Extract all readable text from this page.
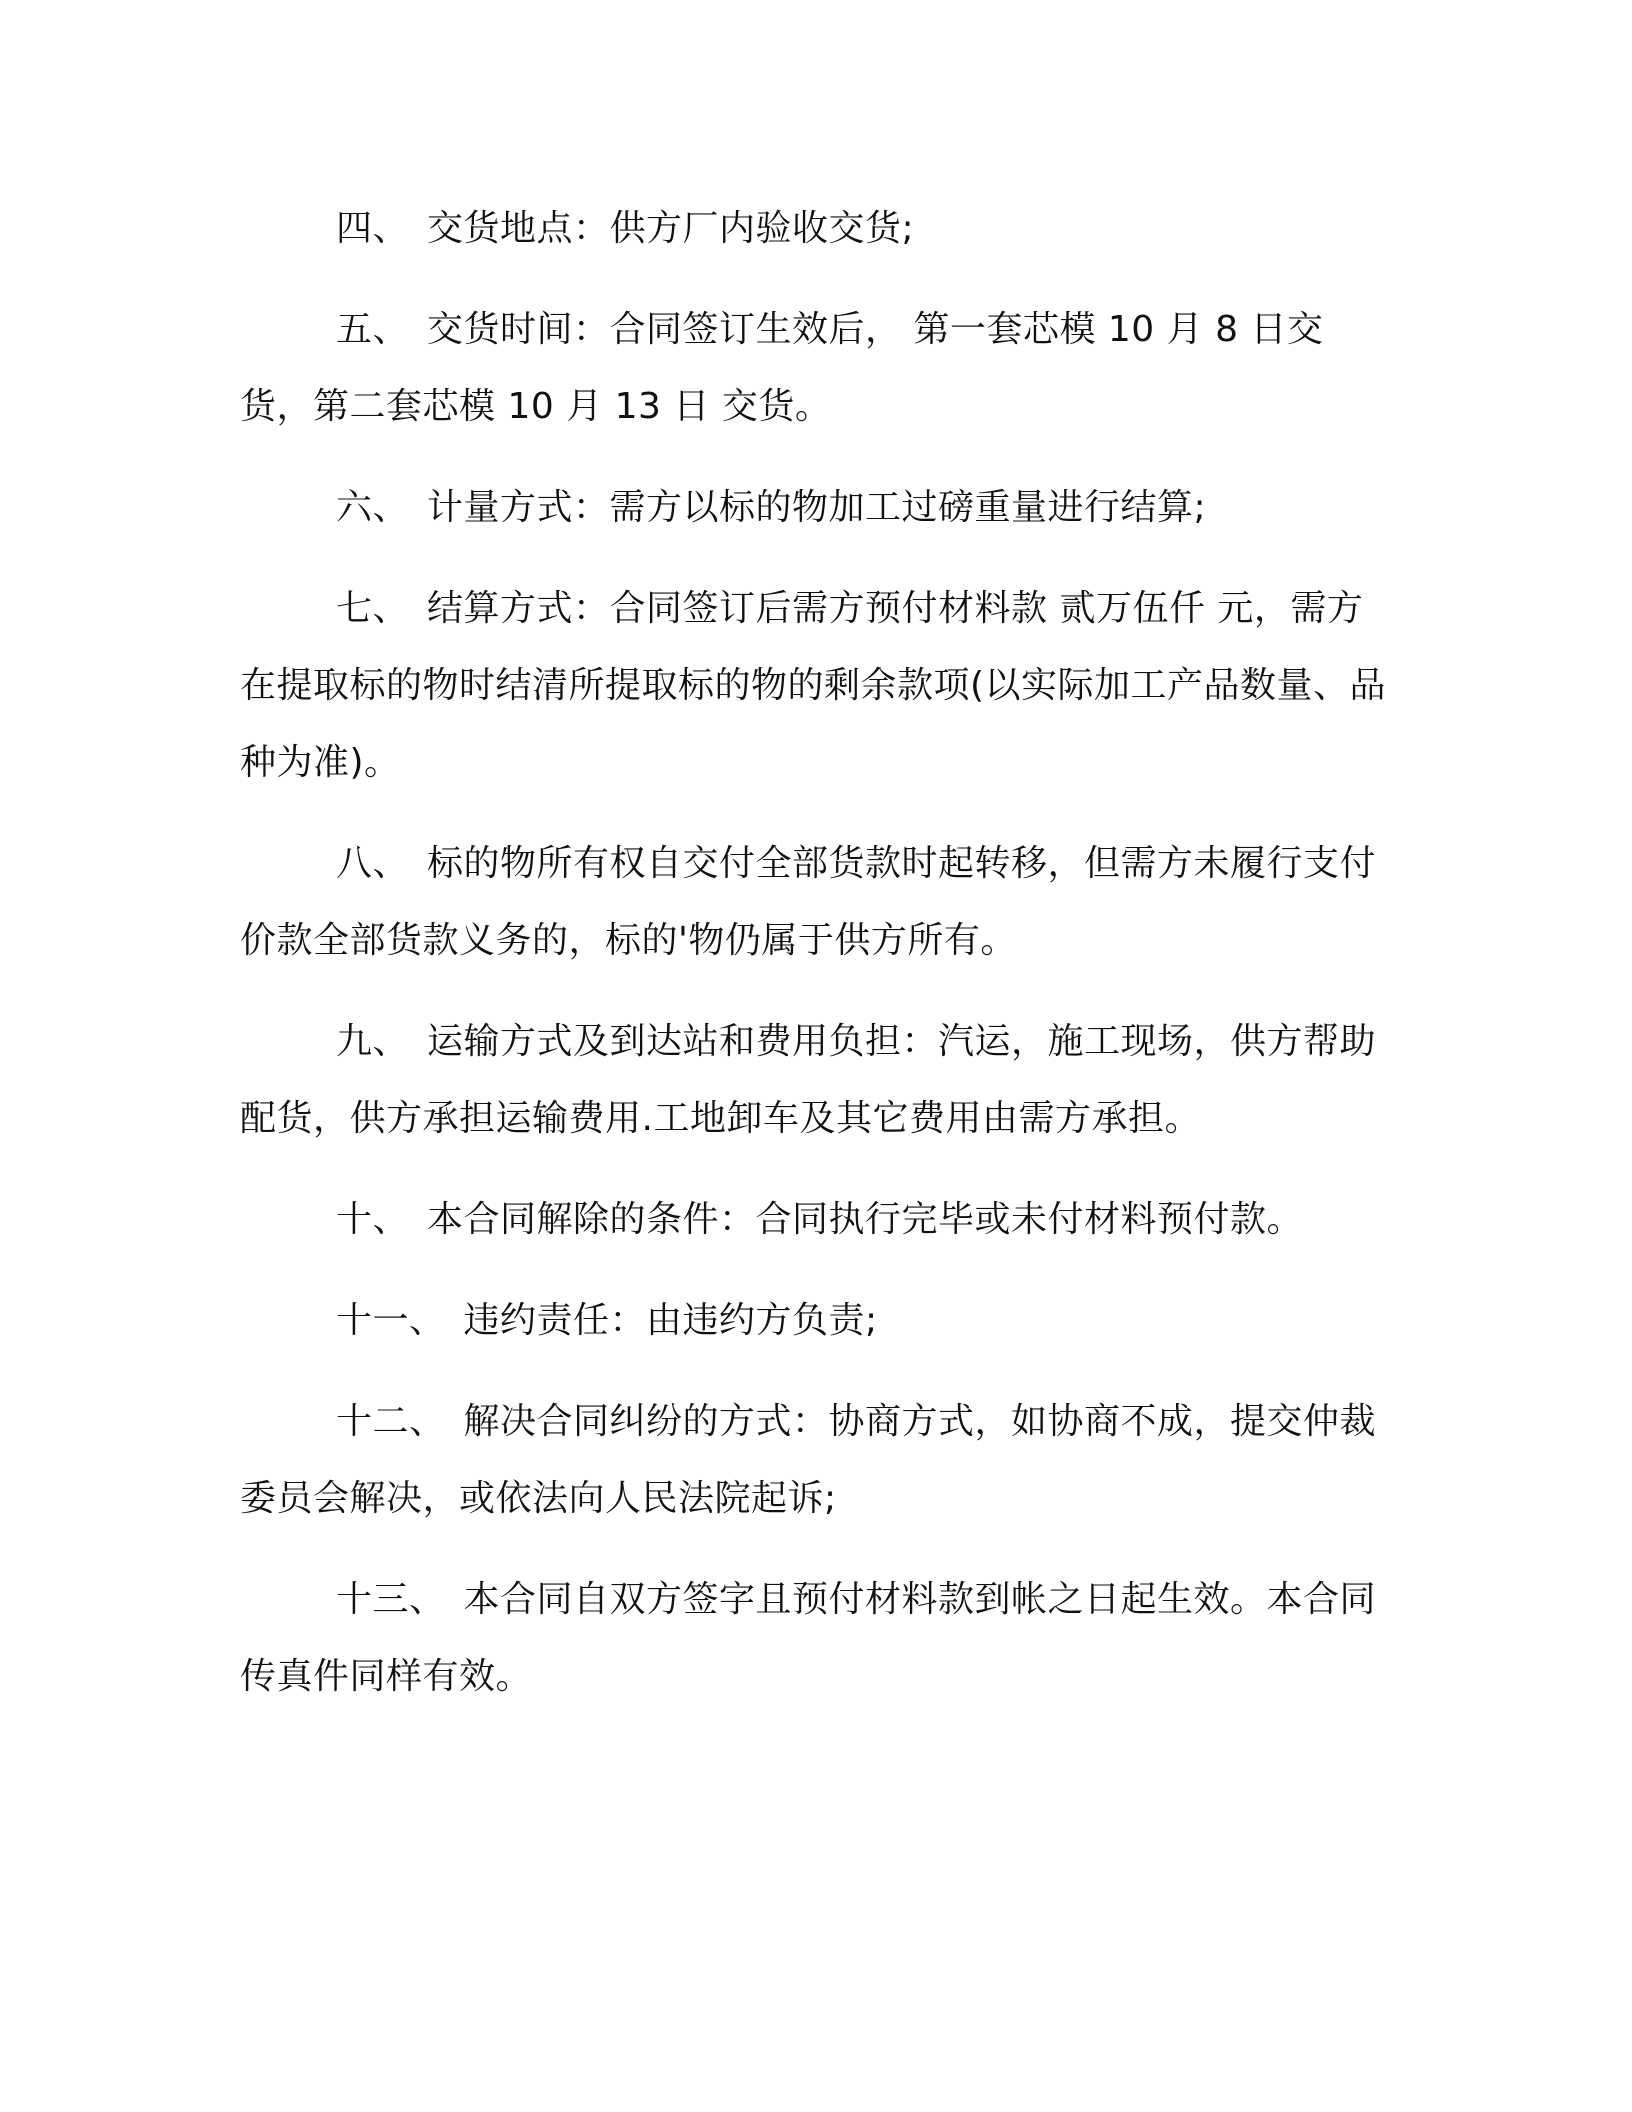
四、 交货地点：供方厂内验收交货;

五、 交货时间：合同签订生效后， 第一套芯模 10 月 8 日交货，第二套芯模 10 月 13 日 交货。

六、 计量方式：需方以标的物加工过磅重量进行结算;

七、 结算方式：合同签订后需方预付材料款 贰万伍仟 元，需方在提取标的物时结清所提取标的物的剩余款项(以实际加工产品数量、品种为准)。

八、 标的物所有权自交付全部货款时起转移，但需方未履行支付价款全部货款义务的，标的'物仍属于供方所有。

九、 运输方式及到达站和费用负担：汽运，施工现场，供方帮助配货，供方承担运输费用.工地卸车及其它费用由需方承担。

十、 本合同解除的条件：合同执行完毕或未付材料预付款。

十一、 违约责任：由违约方负责;

十二、 解决合同纠纷的方式：协商方式，如协商不成，提交仲裁委员会解决，或依法向人民法院起诉;

十三、 本合同自双方签字且预付材料款到帐之日起生效。本合同传真件同样有效。
